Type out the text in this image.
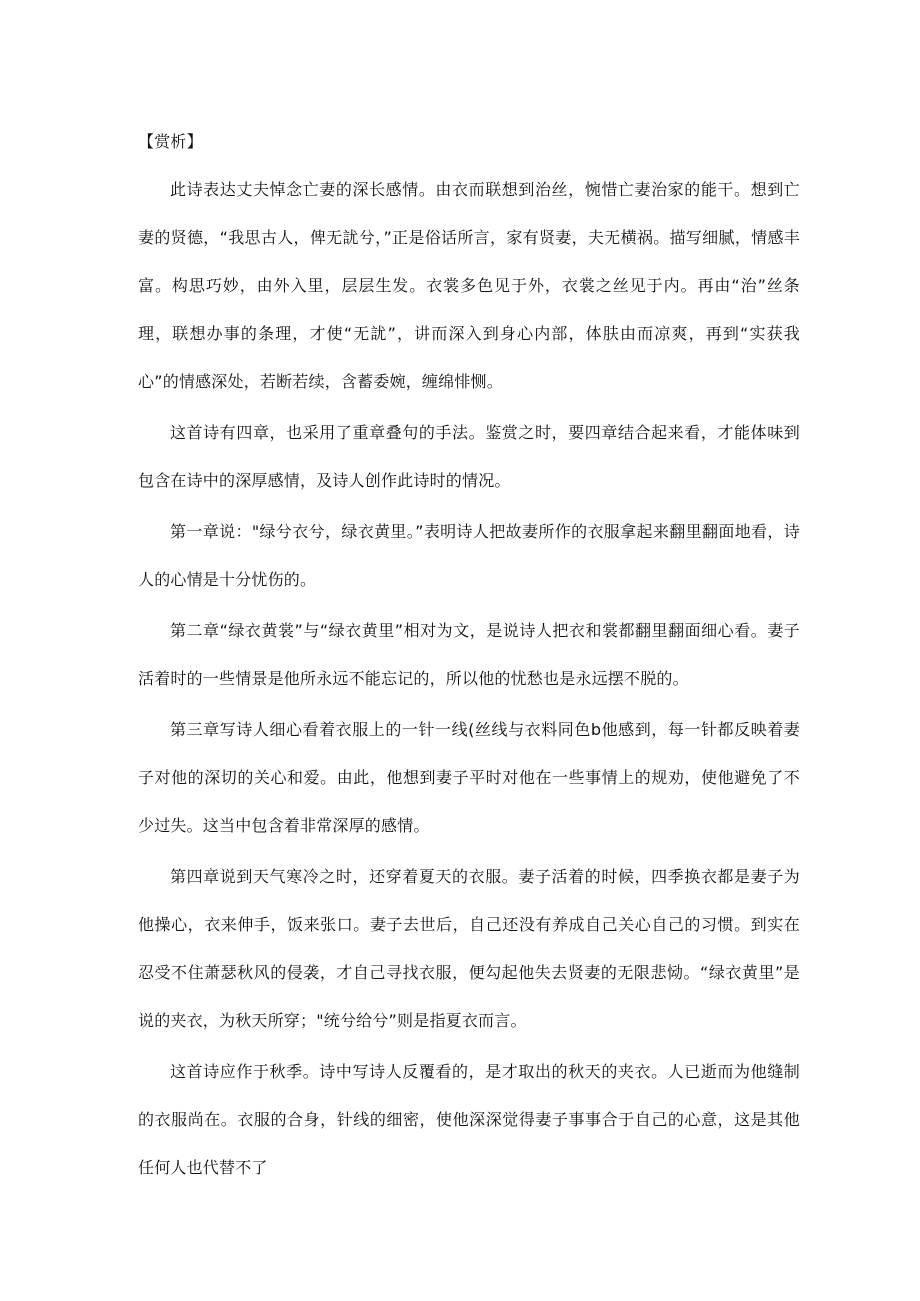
【赏析】

此诗表达丈夫悼念亡妻的深长感情。由衣而联想到治丝，惋惜亡妻治家的能干。想到亡妻的贤德，“我思古人，俾无訧兮，”正是俗话所言，家有贤妻，夫无横祸。描写细腻，情感丰富。构思巧妙，由外入里，层层生发。衣裳多色见于外，衣裳之丝见于内。再由“治”丝条理，联想办事的条理，才使“无訧”，讲而深入到身心内部，体肤由而凉爽，再到“实获我心”的情感深处，若断若续，含蓄委婉，缠绵悱恻。

这首诗有四章，也采用了重章叠句的手法。鉴赏之时，要四章结合起来看，才能体味到包含在诗中的深厚感情，及诗人创作此诗时的情况。

第一章说："绿兮衣兮，绿衣黄里。”表明诗人把故妻所作的衣服拿起来翻里翻面地看，诗人的心情是十分忧伤的。

第二章“绿衣黄裳”与“绿衣黄里”相对为文，是说诗人把衣和裳都翻里翻面细心看。妻子活着时的一些情景是他所永远不能忘记的，所以他的忧愁也是永远摆不脱的。

第三章写诗人细心看着衣服上的一针一线(丝线与衣料同色b他感到，每一针都反映着妻子对他的深切的关心和爱。由此，他想到妻子平时对他在一些事情上的规劝，使他避免了不少过失。这当中包含着非常深厚的感情。

第四章说到天气寒冷之时，还穿着夏天的衣服。妻子活着的时候，四季换衣都是妻子为他操心，衣来伸手，饭来张口。妻子去世后，自己还没有养成自己关心自己的习惯。到实在忍受不住萧瑟秋风的侵袭，才自己寻找衣服，便勾起他失去贤妻的无限悲恸。“绿衣黄里”是说的夹衣，为秋天所穿；"统兮给兮”则是指夏衣而言。

这首诗应作于秋季。诗中写诗人反覆看的，是才取出的秋天的夹衣。人已逝而为他缝制的衣服尚在。衣服的合身，针线的细密，使他深深觉得妻子事事合于自己的心意，这是其他任何人也代替不了
